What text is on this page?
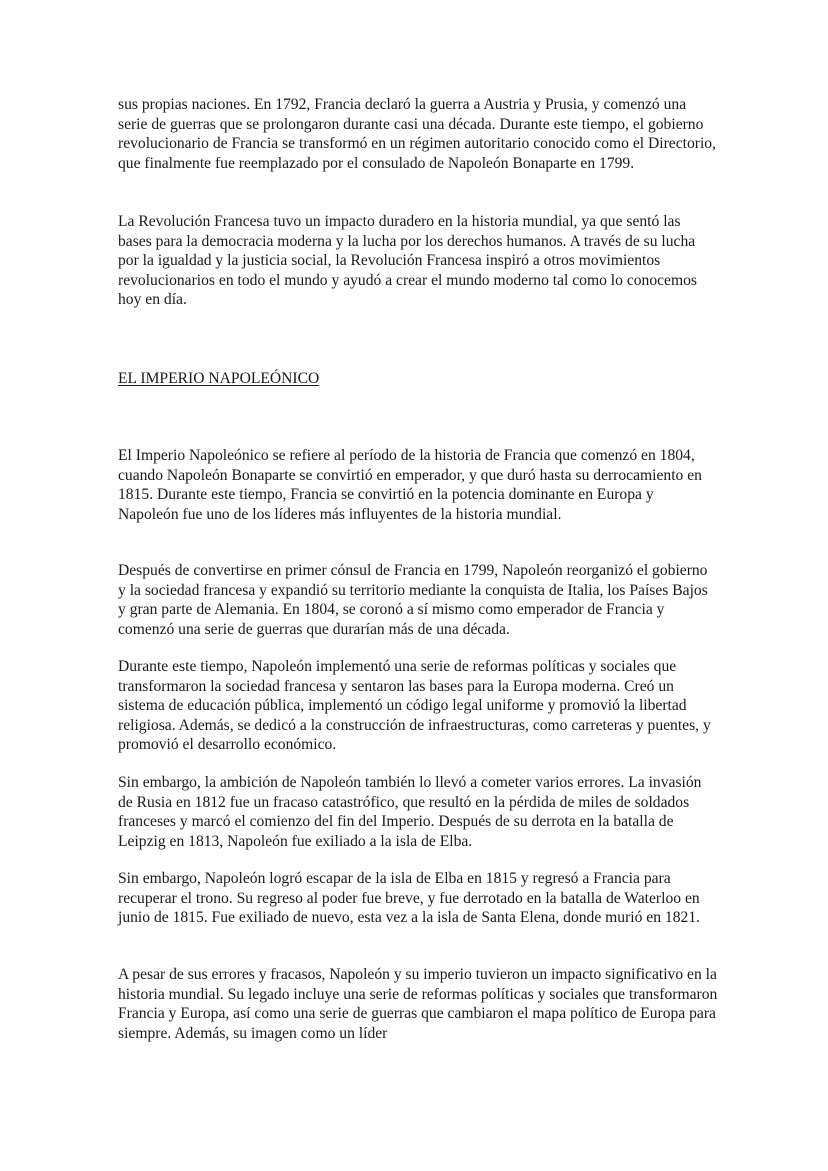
sus propias naciones. En 1792, Francia declaró la guerra a Austria y Prusia, y comenzó una serie de guerras que se prolongaron durante casi una década. Durante este tiempo, el gobierno revolucionario de Francia se transformó en un régimen autoritario conocido como el Directorio, que finalmente fue reemplazado por el consulado de Napoleón Bonaparte en 1799.

La Revolución Francesa tuvo un impacto duradero en la historia mundial, ya que sentó las bases para la democracia moderna y la lucha por los derechos humanos. A través de su lucha por la igualdad y la justicia social, la Revolución Francesa inspiró a otros movimientos revolucionarios en todo el mundo y ayudó a crear el mundo moderno tal como lo conocemos hoy en día.

EL IMPERIO NAPOLEÓNICO

El Imperio Napoleónico se refiere al período de la historia de Francia que comenzó en 1804, cuando Napoleón Bonaparte se convirtió en emperador, y que duró hasta su derrocamiento en 1815. Durante este tiempo, Francia se convirtió en la potencia dominante en Europa y Napoleón fue uno de los líderes más influyentes de la historia mundial.

Después de convertirse en primer cónsul de Francia en 1799, Napoleón reorganizó el gobierno y la sociedad francesa y expandió su territorio mediante la conquista de Italia, los Países Bajos y gran parte de Alemania. En 1804, se coronó a sí mismo como emperador de Francia y comenzó una serie de guerras que durarían más de una década.

Durante este tiempo, Napoleón implementó una serie de reformas políticas y sociales que transformaron la sociedad francesa y sentaron las bases para la Europa moderna. Creó un sistema de educación pública, implementó un código legal uniforme y promovió la libertad religiosa. Además, se dedicó a la construcción de infraestructuras, como carreteras y puentes, y promovió el desarrollo económico.

Sin embargo, la ambición de Napoleón también lo llevó a cometer varios errores. La invasión de Rusia en 1812 fue un fracaso catastrófico, que resultó en la pérdida de miles de soldados franceses y marcó el comienzo del fin del Imperio. Después de su derrota en la batalla de Leipzig en 1813, Napoleón fue exiliado a la isla de Elba.

Sin embargo, Napoleón logró escapar de la isla de Elba en 1815 y regresó a Francia para recuperar el trono. Su regreso al poder fue breve, y fue derrotado en la batalla de Waterloo en junio de 1815. Fue exiliado de nuevo, esta vez a la isla de Santa Elena, donde murió en 1821.

A pesar de sus errores y fracasos, Napoleón y su imperio tuvieron un impacto significativo en la historia mundial. Su legado incluye una serie de reformas políticas y sociales que transformaron Francia y Europa, así como una serie de guerras que cambiaron el mapa político de Europa para siempre. Además, su imagen como un líder
